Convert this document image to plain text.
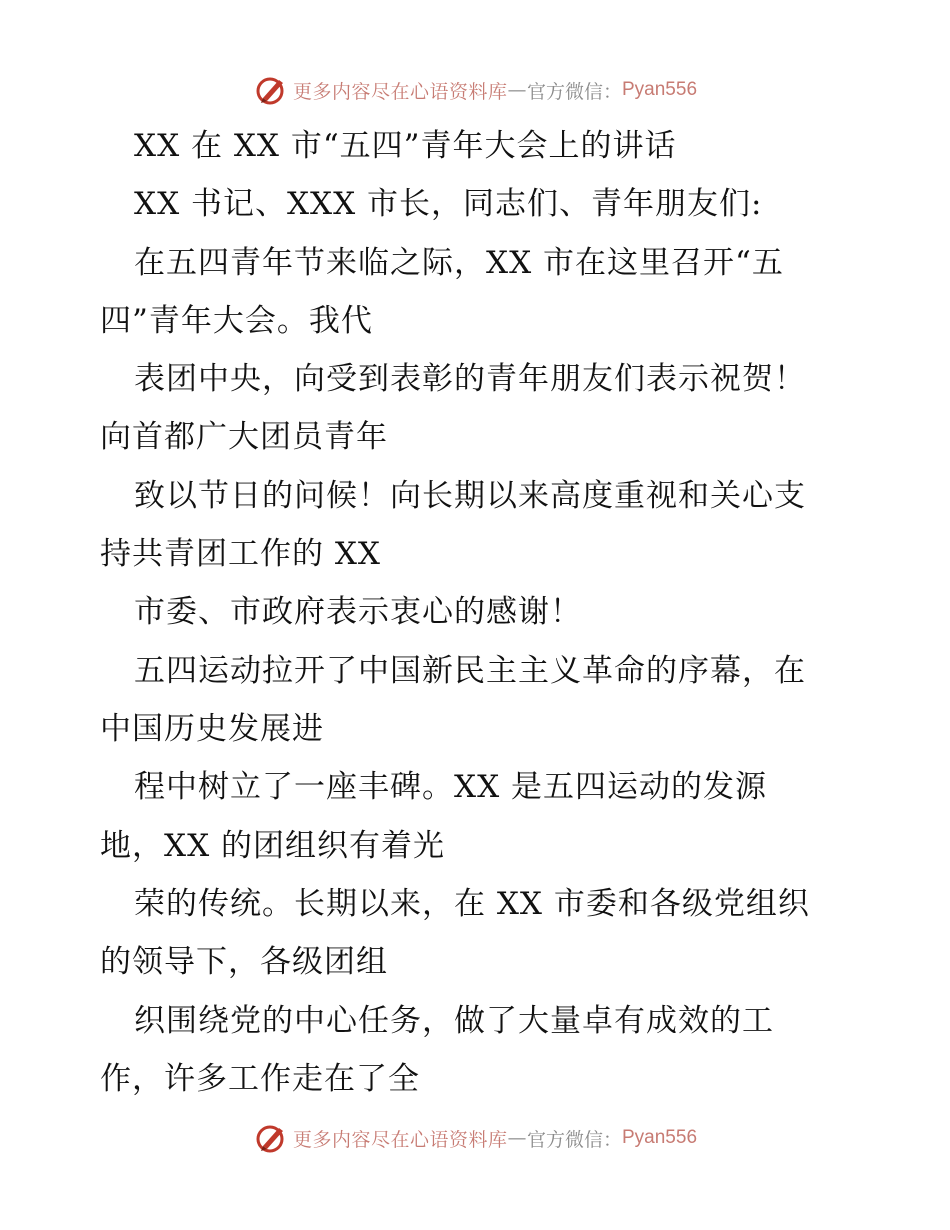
更多内容尽在心语资料库 — 官方微信： Pyan556
XX 在 XX 市“五四”青年大会上的讲话
XX 书记、XXX 市长，同志们、青年朋友们:
在五四青年节来临之际，XX 市在这里召开“五
四”青年大会。我代
表团中央，向受到表彰的青年朋友们表示祝贺！
向首都广大团员青年
致以节日的问候！向长期以来高度重视和关心支
持共青团工作的 XX
市委、市政府表示衷心的感谢！
五四运动拉开了中国新民主主义革命的序幕，在
中国历史发展进
程中树立了一座丰碑。XX 是五四运动的发源
地，XX 的团组织有着光
荣的传统。长期以来，在 XX 市委和各级党组织
的领导下，各级团组
织围绕党的中心任务，做了大量卓有成效的工
作，许多工作走在了全
更多内容尽在心语资料库 — 官方微信： Pyan556
